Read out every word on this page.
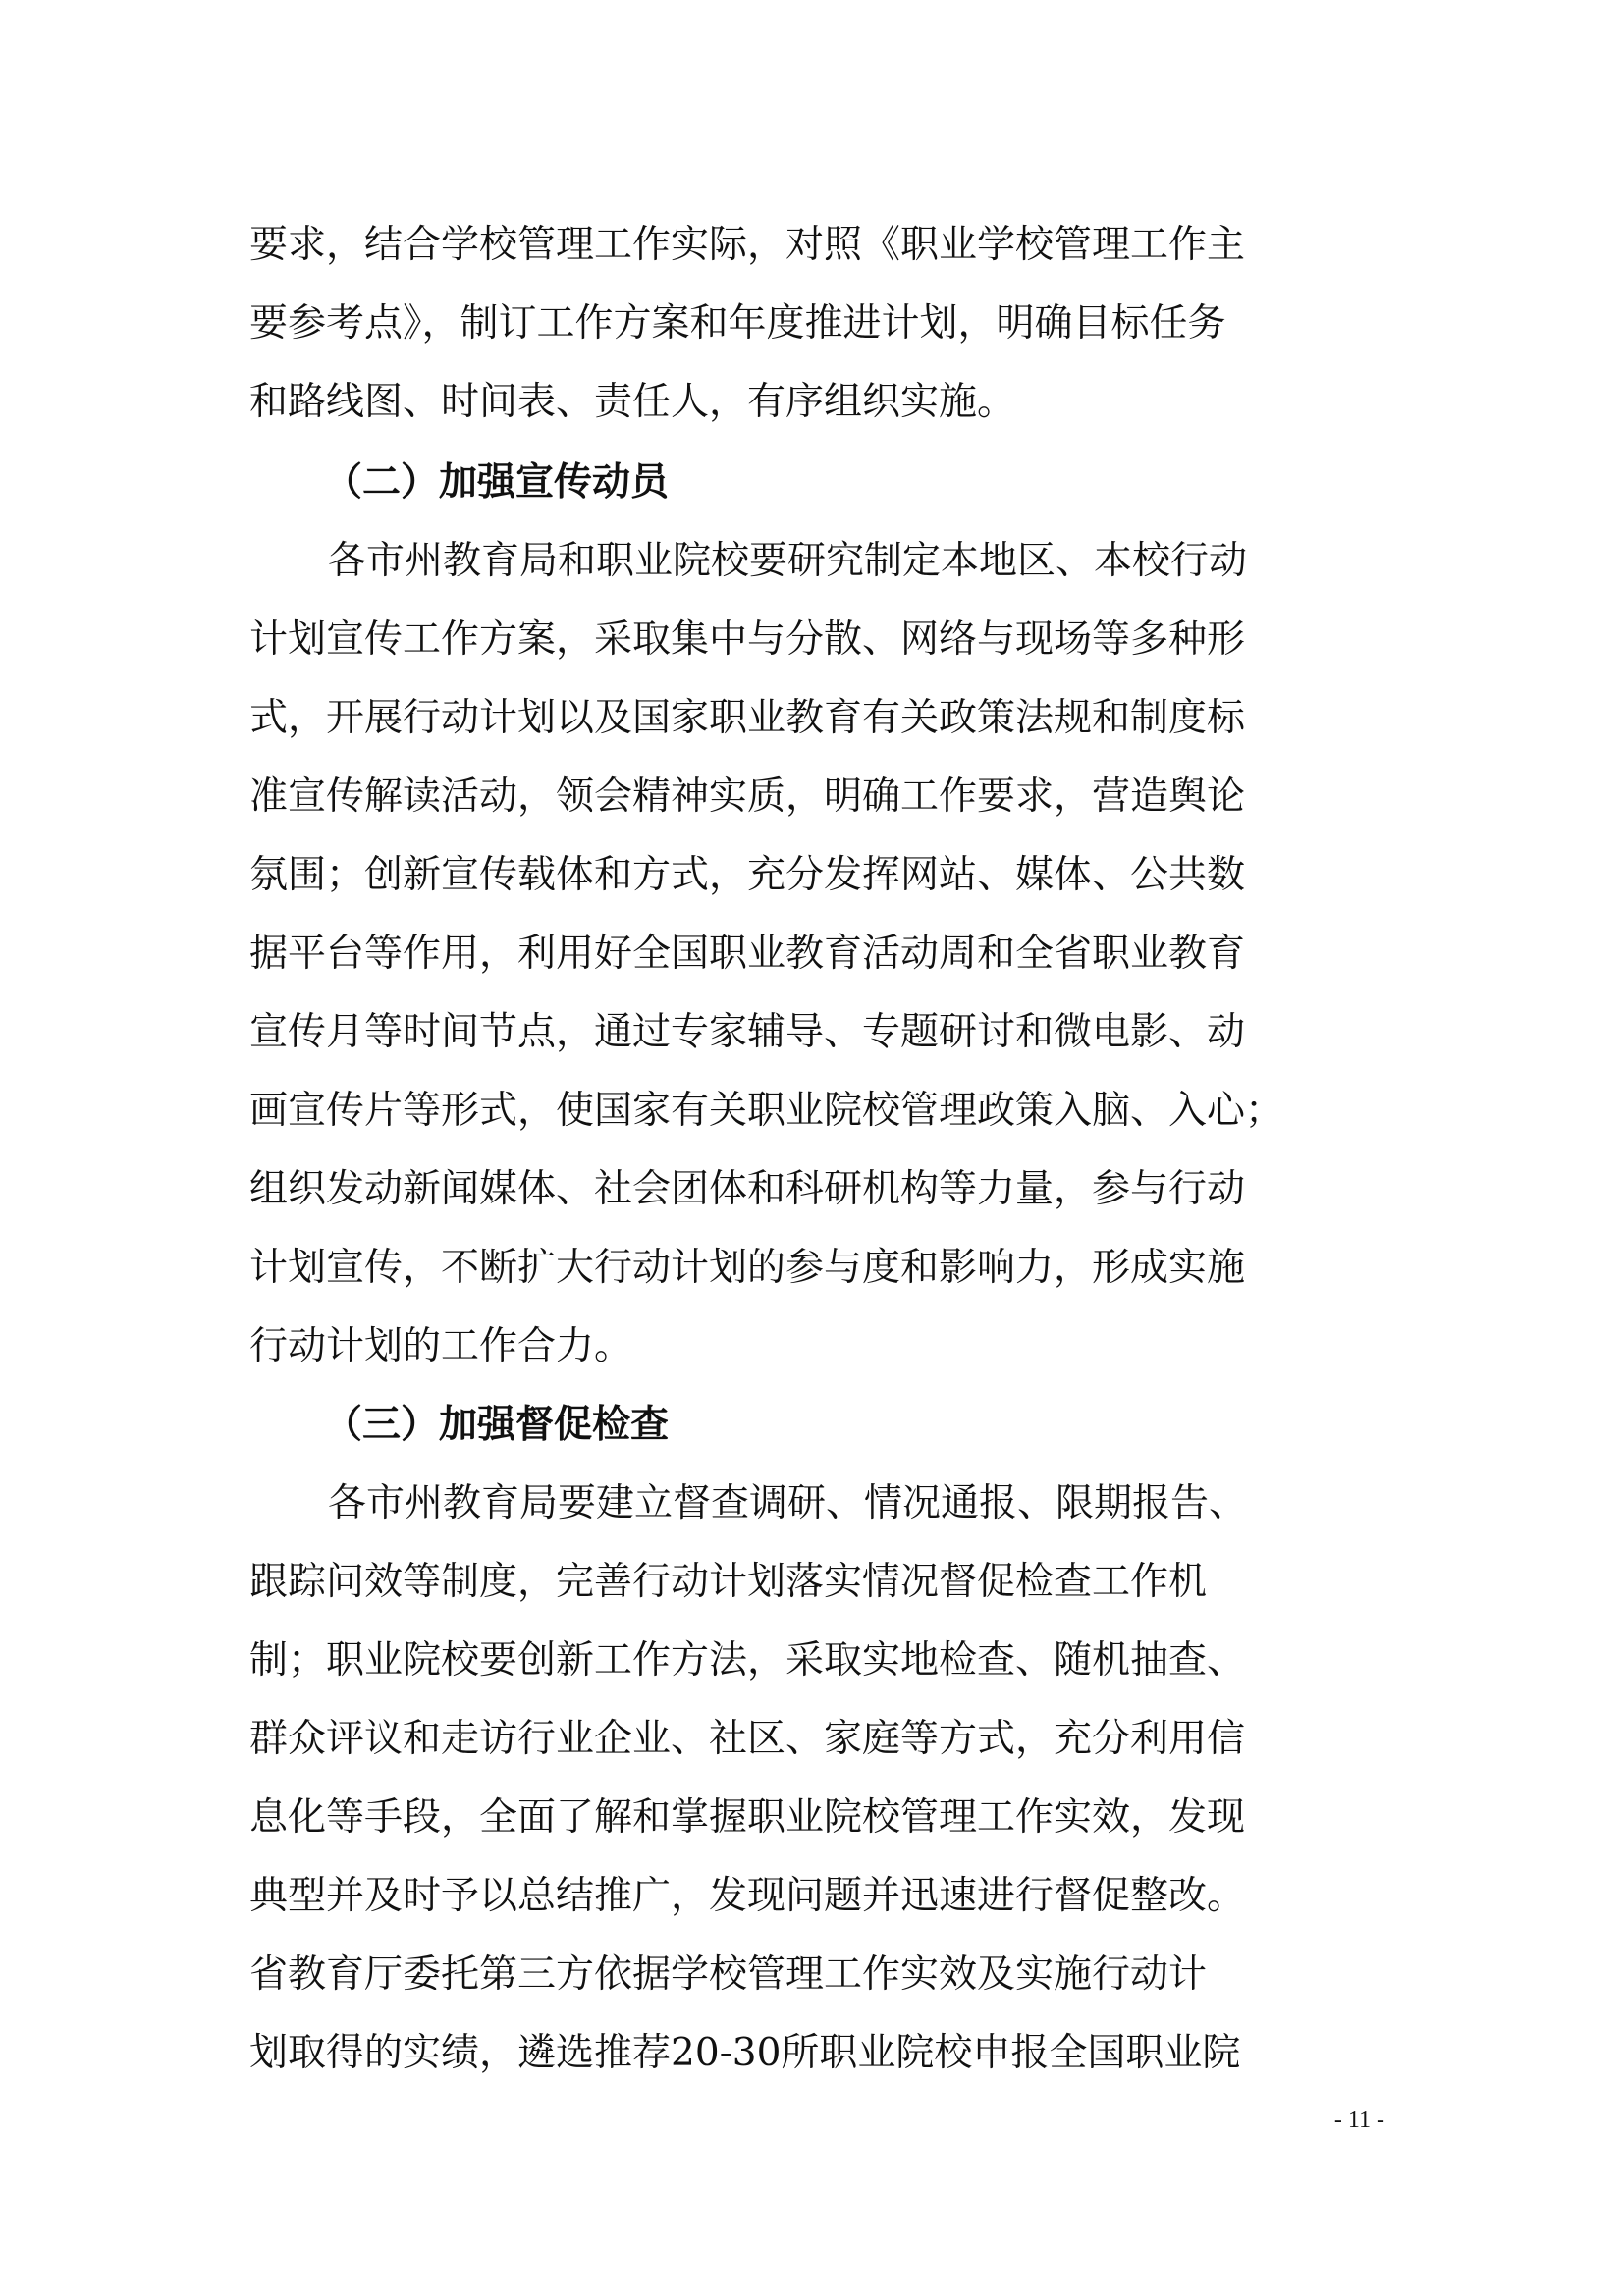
要求，结合学校管理工作实际，对照《职业学校管理工作主
要参考点》，制订工作方案和年度推进计划，明确目标任务
和路线图、时间表、责任人，有序组织实施。
（二）加强宣传动员
各市州教育局和职业院校要研究制定本地区、本校行动
计划宣传工作方案，采取集中与分散、网络与现场等多种形
式，开展行动计划以及国家职业教育有关政策法规和制度标
准宣传解读活动，领会精神实质，明确工作要求，营造舆论
氛围；创新宣传载体和方式，充分发挥网站、媒体、公共数
据平台等作用，利用好全国职业教育活动周和全省职业教育
宣传月等时间节点，通过专家辅导、专题研讨和微电影、动
画宣传片等形式，使国家有关职业院校管理政策入脑、入心；
组织发动新闻媒体、社会团体和科研机构等力量，参与行动
计划宣传，不断扩大行动计划的参与度和影响力，形成实施
行动计划的工作合力。
（三）加强督促检查
各市州教育局要建立督查调研、情况通报、限期报告、
跟踪问效等制度，完善行动计划落实情况督促检查工作机
制；职业院校要创新工作方法，采取实地检查、随机抽查、
群众评议和走访行业企业、社区、家庭等方式，充分利用信
息化等手段，全面了解和掌握职业院校管理工作实效，发现
典型并及时予以总结推广，发现问题并迅速进行督促整改。
省教育厅委托第三方依据学校管理工作实效及实施行动计
划取得的实绩，遴选推荐20-30所职业院校申报全国职业院
- 11 -
